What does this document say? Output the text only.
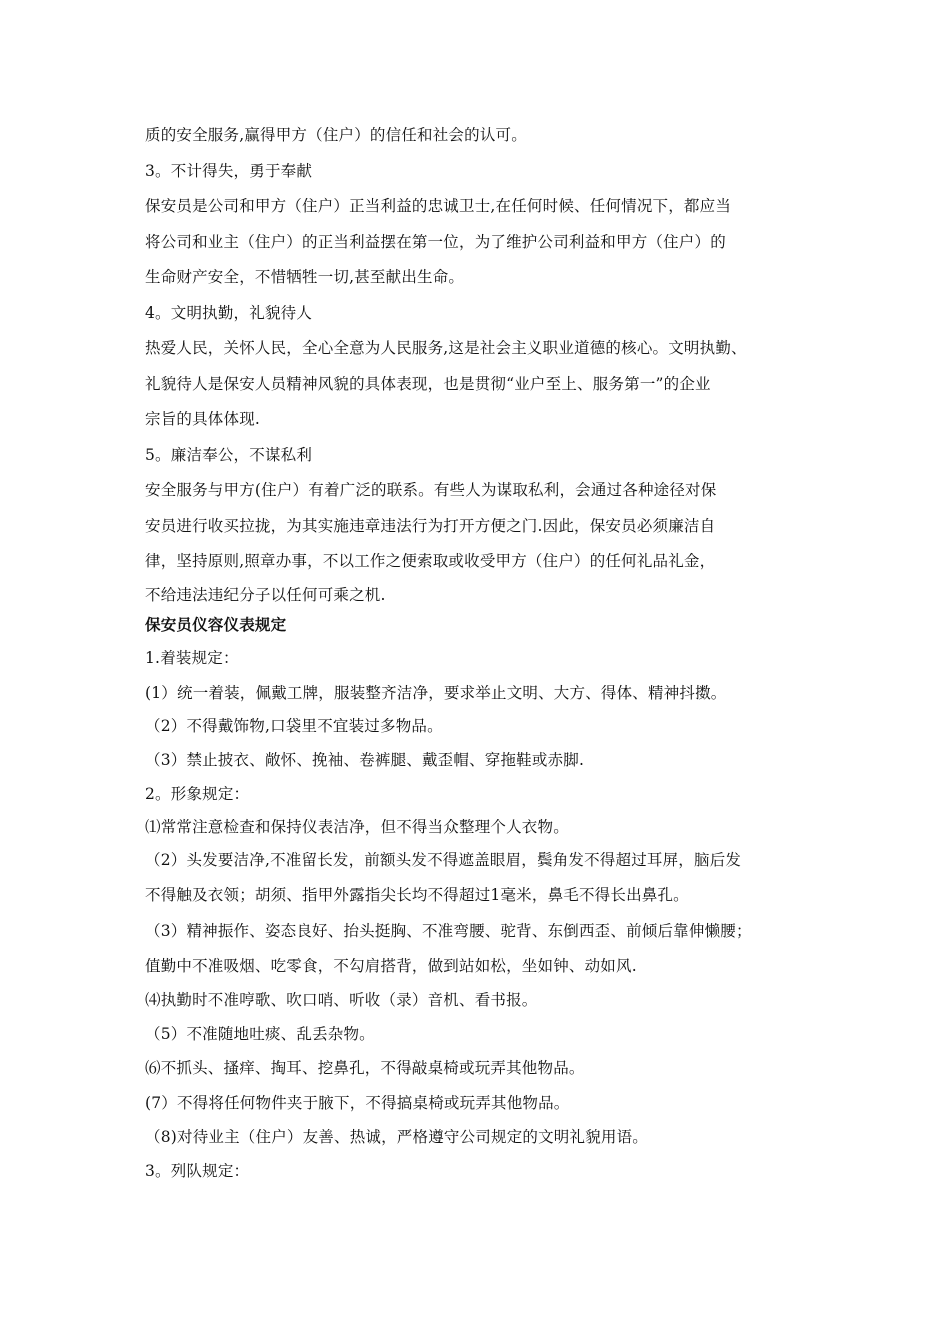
质的安全服务,赢得甲方（住户）的信任和社会的认可。
3。不计得失，勇于奉献
保安员是公司和甲方（住户）正当利益的忠诚卫士,在任何时候、任何情况下，都应当
将公司和业主（住户）的正当利益摆在第一位，为了维护公司利益和甲方（住户）的
生命财产安全，不惜牺牲一切,甚至献出生命。
4。文明执勤，礼貌待人
热爱人民，关怀人民，全心全意为人民服务,这是社会主义职业道德的核心。文明执勤、
礼貌待人是保安人员精神风貌的具体表现，也是贯彻“业户至上、服务第一”的企业
宗旨的具体体现.
5。廉洁奉公，不谋私利
安全服务与甲方(住户）有着广泛的联系。有些人为谋取私利，会通过各种途径对保
安员进行收买拉拢，为其实施违章违法行为打开方便之门.因此，保安员必须廉洁自
律，坚持原则,照章办事，不以工作之便索取或收受甲方（住户）的任何礼品礼金，
不给违法违纪分子以任何可乘之机.
保安员仪容仪表规定
1.着装规定：
(1）统一着装，佩戴工牌，服装整齐洁净，要求举止文明、大方、得体、精神抖擞。
（2）不得戴饰物,口袋里不宜装过多物品。
（3）禁止披衣、敞怀、挽袖、卷裤腿、戴歪帽、穿拖鞋或赤脚.
2。形象规定：
⑴常常注意检查和保持仪表洁净，但不得当众整理个人衣物。
（2）头发要洁净,不准留长发，前额头发不得遮盖眼眉，鬓角发不得超过耳屏，脑后发
不得触及衣领；胡须、指甲外露指尖长均不得超过1毫米，鼻毛不得长出鼻孔。
（3）精神振作、姿态良好、抬头挺胸、不准弯腰、驼背、东倒西歪、前倾后靠伸懒腰；
值勤中不准吸烟、吃零食，不勾肩搭背，做到站如松，坐如钟、动如风.
⑷执勤时不准哼歌、吹口哨、听收（录）音机、看书报。
（5）不准随地吐痰、乱丢杂物。
⑹不抓头、搔痒、掏耳、挖鼻孔，不得敲桌椅或玩弄其他物品。
(7）不得将任何物件夹于腋下，不得搞桌椅或玩弄其他物品。
（8)对待业主（住户）友善、热诚，严格遵守公司规定的文明礼貌用语。
3。列队规定：
